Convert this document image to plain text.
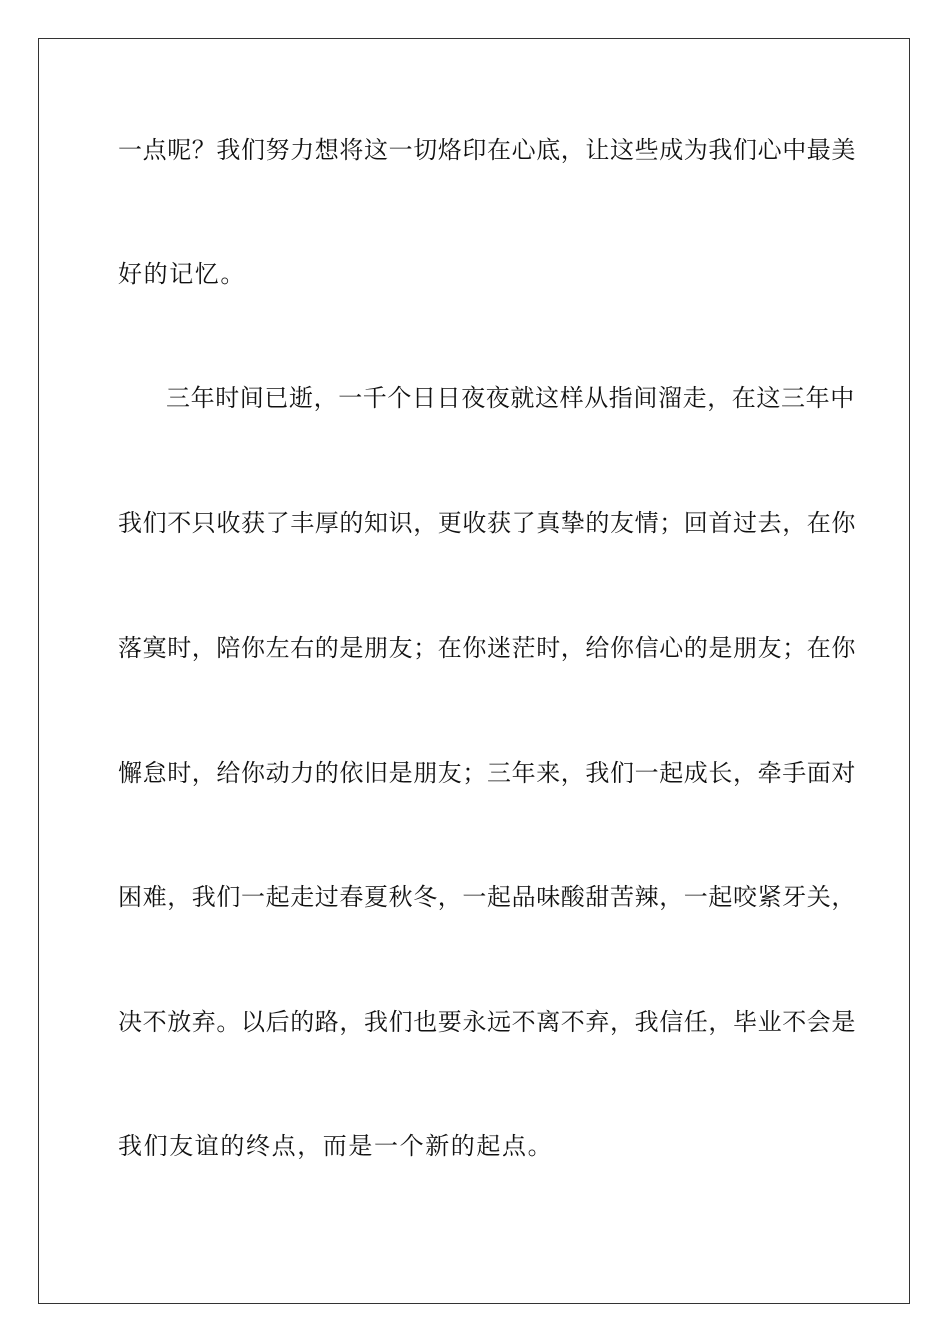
一点呢？我们努力想将这一切烙印在心底，让这些成为我们心中最美
好的记忆。
三年时间已逝，一千个日日夜夜就这样从指间溜走，在这三年中
我们不只收获了丰厚的知识，更收获了真挚的友情；回首过去，在你
落寞时，陪你左右的是朋友；在你迷茫时，给你信心的是朋友；在你
懈怠时，给你动力的依旧是朋友；三年来，我们一起成长，牵手面对
困难，我们一起走过春夏秋冬，一起品味酸甜苦辣，一起咬紧牙关，
决不放弃。以后的路，我们也要永远不离不弃，我信任，毕业不会是
我们友谊的终点，而是一个新的起点。
